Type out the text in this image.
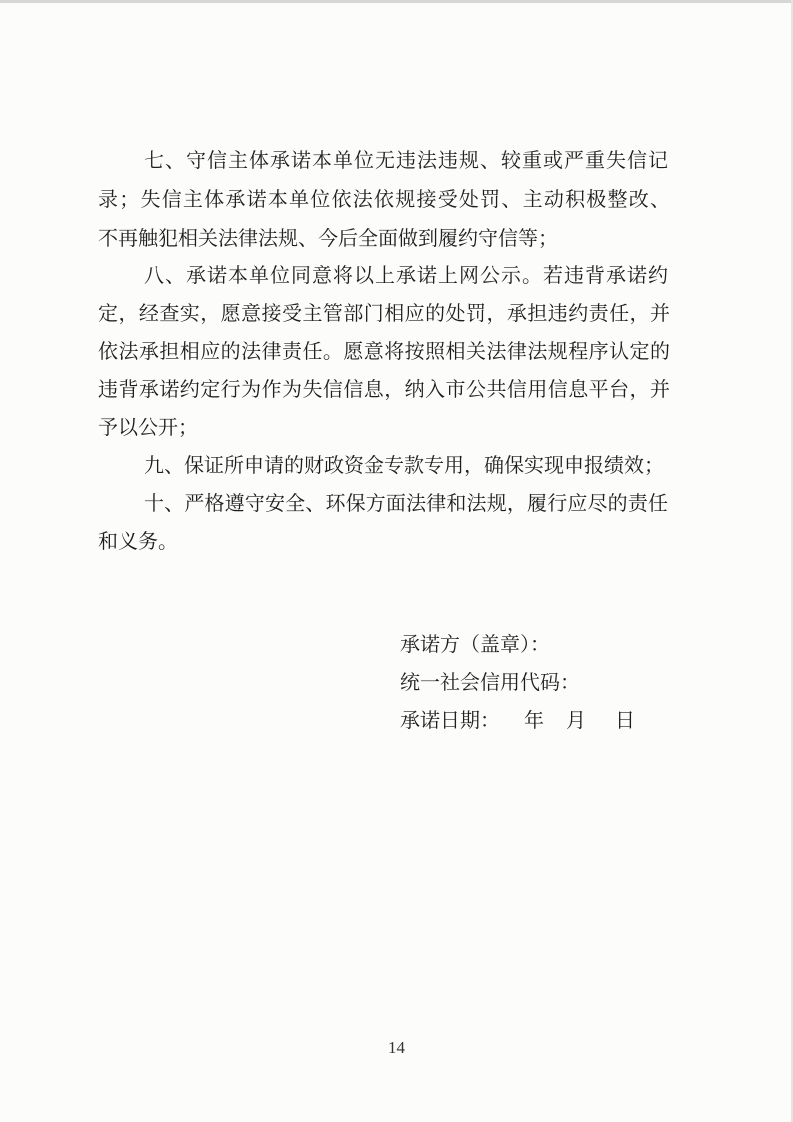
七、守信主体承诺本单位无违法违规、较重或严重失信记

录；失信主体承诺本单位依法依规接受处罚、主动积极整改、

不再触犯相关法律法规、今后全面做到履约守信等；

八、承诺本单位同意将以上承诺上网公示。若违背承诺约

定，经查实，愿意接受主管部门相应的处罚，承担违约责任，并

依法承担相应的法律责任。愿意将按照相关法律法规程序认定的

违背承诺约定行为作为失信信息，纳入市公共信用信息平台，并

予以公开；

九、保证所申请的财政资金专款专用，确保实现申报绩效；

十、严格遵守安全、环保方面法律和法规，履行应尽的责任

和义务。

承诺方（盖章）：

统一社会信用代码：

承诺日期： 年 月 日
14
